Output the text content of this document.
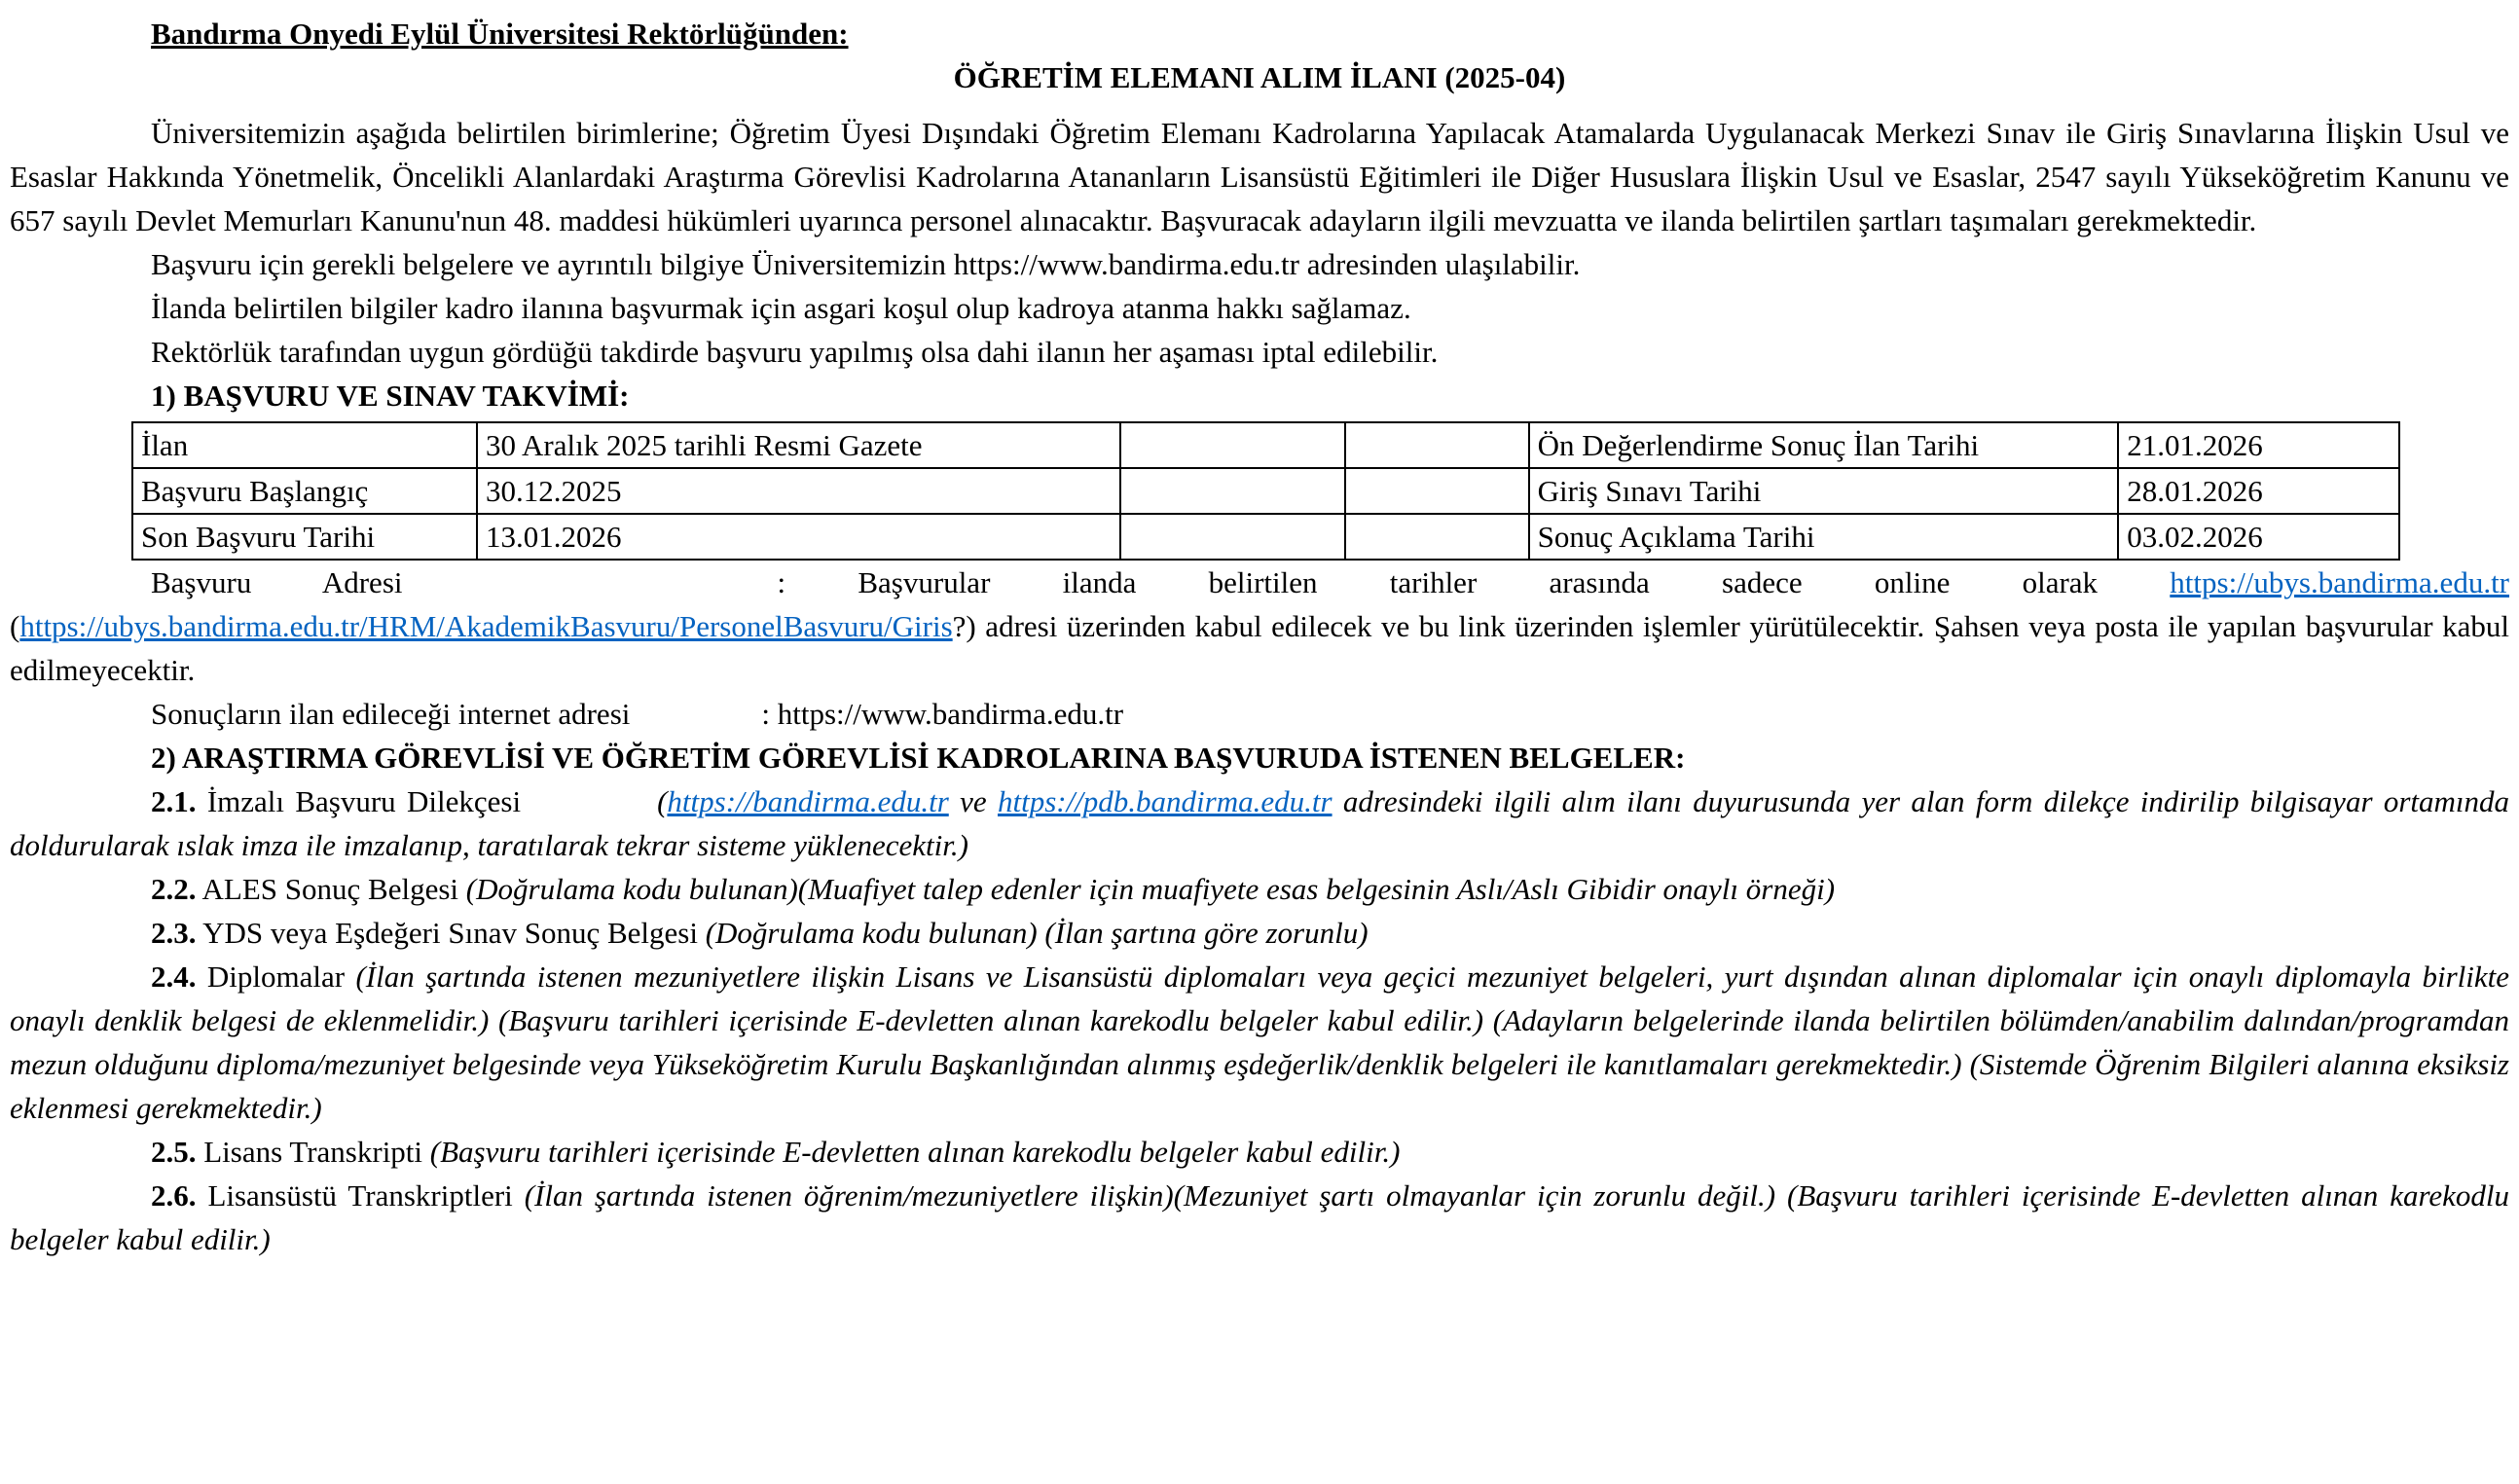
Bandırma Onyedi Eylül Üniversitesi Rektörlüğünden:

ÖĞRETİM ELEMANI ALIM İLANI (2025-04)

Üniversitemizin aşağıda belirtilen birimlerine; Öğretim Üyesi Dışındaki Öğretim Elemanı Kadrolarına Yapılacak Atamalarda Uygulanacak Merkezi Sınav ile Giriş Sınavlarına İlişkin Usul ve Esaslar Hakkında Yönetmelik, Öncelikli Alanlardaki Araştırma Görevlisi Kadrolarına Atananların Lisansüstü Eğitimleri ile Diğer Hususlara İlişkin Usul ve Esaslar, 2547 sayılı Yükseköğretim Kanunu ve 657 sayılı Devlet Memurları Kanunu'nun 48. maddesi hükümleri uyarınca personel alınacaktır. Başvuracak adayların ilgili mevzuatta ve ilanda belirtilen şartları taşımaları gerekmektedir.

Başvuru için gerekli belgelere ve ayrıntılı bilgiye Üniversitemizin https://www.bandirma.edu.tr adresinden ulaşılabilir.

İlanda belirtilen bilgiler kadro ilanına başvurmak için asgari koşul olup kadroya atanma hakkı sağlamaz.

Rektörlük tarafından uygun gördüğü takdirde başvuru yapılmış olsa dahi ilanın her aşaması iptal edilebilir.

1) BAŞVURU VE SINAV TAKVİMİ:

İlan	30 Aralık 2025 tarihli Resmi Gazete			Ön Değerlendirme Sonuç İlan Tarihi	21.01.2026
Başvuru Başlangıç	30.12.2025			Giriş Sınavı Tarihi	28.01.2026
Son Başvuru Tarihi	13.01.2026			Sonuç Açıklama Tarihi	03.02.2026

Başvuru Adresi	: Başvurular ilanda belirtilen tarihler arasında sadece online olarak https://ubys.bandirma.edu.tr (https://ubys.bandirma.edu.tr/HRM/AkademikBasvuru/PersonelBasvuru/Giris?) adresi üzerinden kabul edilecek ve bu link üzerinden işlemler yürütülecektir. Şahsen veya posta ile yapılan başvurular kabul edilmeyecektir.

Sonuçların ilan edileceği internet adresi	: https://www.bandirma.edu.tr

2) ARAŞTIRMA GÖREVLİSİ VE ÖĞRETİM GÖREVLİSİ KADROLARINA BAŞVURUDA İSTENEN BELGELER:

2.1. İmzalı Başvuru Dilekçesi	(https://bandirma.edu.tr ve https://pdb.bandirma.edu.tr adresindeki ilgili alım ilanı duyurusunda yer alan form dilekçe indirilip bilgisayar ortamında doldurularak ıslak imza ile imzalanıp, taratılarak tekrar sisteme yüklenecektir.)

2.2. ALES Sonuç Belgesi (Doğrulama kodu bulunan)(Muafiyet talep edenler için muafiyete esas belgesinin Aslı/Aslı Gibidir onaylı örneği)

2.3. YDS veya Eşdeğeri Sınav Sonuç Belgesi (Doğrulama kodu bulunan) (İlan şartına göre zorunlu)

2.4. Diplomalar (İlan şartında istenen mezuniyetlere ilişkin Lisans ve Lisansüstü diplomaları veya geçici mezuniyet belgeleri, yurt dışından alınan diplomalar için onaylı diplomayla birlikte onaylı denklik belgesi de eklenmelidir.) (Başvuru tarihleri içerisinde E-devletten alınan karekodlu belgeler kabul edilir.) (Adayların belgelerinde ilanda belirtilen bölümden/anabilim dalından/programdan mezun olduğunu diploma/mezuniyet belgesinde veya Yükseköğretim Kurulu Başkanlığından alınmış eşdeğerlik/denklik belgeleri ile kanıtlamaları gerekmektedir.) (Sistemde Öğrenim Bilgileri alanına eksiksiz eklenmesi gerekmektedir.)

2.5. Lisans Transkripti (Başvuru tarihleri içerisinde E-devletten alınan karekodlu belgeler kabul edilir.)

2.6. Lisansüstü Transkriptleri (İlan şartında istenen öğrenim/mezuniyetlere ilişkin)(Mezuniyet şartı olmayanlar için zorunlu değil.) (Başvuru tarihleri içerisinde E-devletten alınan karekodlu belgeler kabul edilir.)
